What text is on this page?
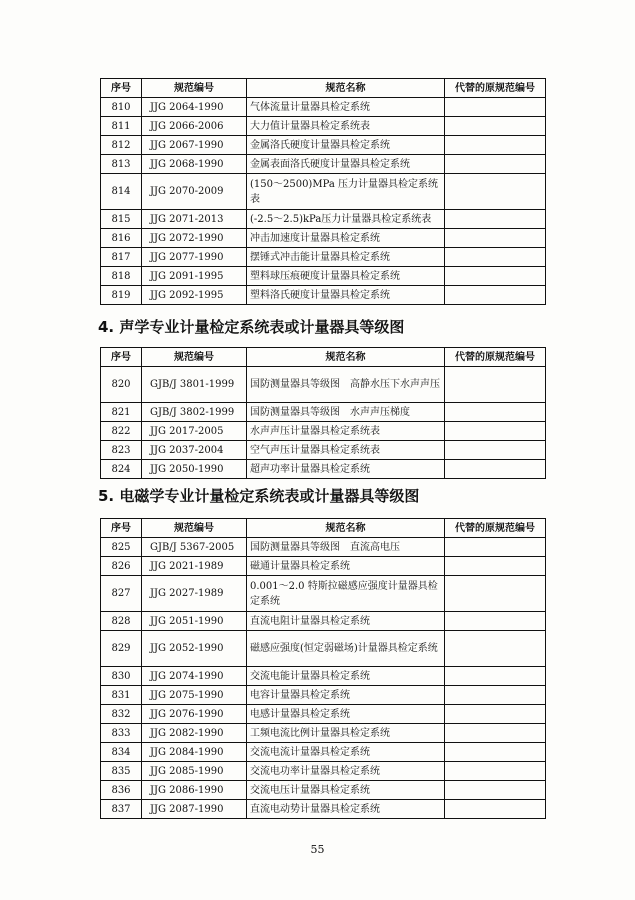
序号	规范编号	规范名称	代替的原规范编号
810	JJG 2064-1990	气体流量计量器具检定系统	
811	JJG 2066-2006	大力值计量器具检定系统表	
812	JJG 2067-1990	金属洛氏硬度计量器具检定系统	
813	JJG 2068-1990	金属表面洛氏硬度计量器具检定系统	
814	JJG 2070-2009	(150～2500)MPa 压力计量器具检定系统表	
815	JJG 2071-2013	(-2.5～2.5)kPa压力计量器具检定系统表	
816	JJG 2072-1990	冲击加速度计量器具检定系统	
817	JJG 2077-1990	摆锤式冲击能计量器具检定系统	
818	JJG 2091-1995	塑料球压痕硬度计量器具检定系统	
819	JJG 2092-1995	塑料洛氏硬度计量器具检定系统	
4. 声学专业计量检定系统表或计量器具等级图
序号	规范编号	规范名称	代替的原规范编号
820	GJB/J 3801-1999	国防测量器具等级图　高静水压下水声声压	
821	GJB/J 3802-1999	国防测量器具等级图　水声声压梯度	
822	JJG 2017-2005	水声声压计量器具检定系统表	
823	JJG 2037-2004	空气声压计量器具检定系统表	
824	JJG 2050-1990	超声功率计量器具检定系统	
5. 电磁学专业计量检定系统表或计量器具等级图
序号	规范编号	规范名称	代替的原规范编号
825	GJB/J 5367-2005	国防测量器具等级图　直流高电压	
826	JJG 2021-1989	磁通计量器具检定系统	
827	JJG 2027-1989	0.001～2.0 特斯拉磁感应强度计量器具检定系统	
828	JJG 2051-1990	直流电阻计量器具检定系统	
829	JJG 2052-1990	磁感应强度(恒定弱磁场)计量器具检定系统	
830	JJG 2074-1990	交流电能计量器具检定系统	
831	JJG 2075-1990	电容计量器具检定系统	
832	JJG 2076-1990	电感计量器具检定系统	
833	JJG 2082-1990	工频电流比例计量器具检定系统	
834	JJG 2084-1990	交流电流计量器具检定系统	
835	JJG 2085-1990	交流电功率计量器具检定系统	
836	JJG 2086-1990	交流电压计量器具检定系统	
837	JJG 2087-1990	直流电动势计量器具检定系统	
55
